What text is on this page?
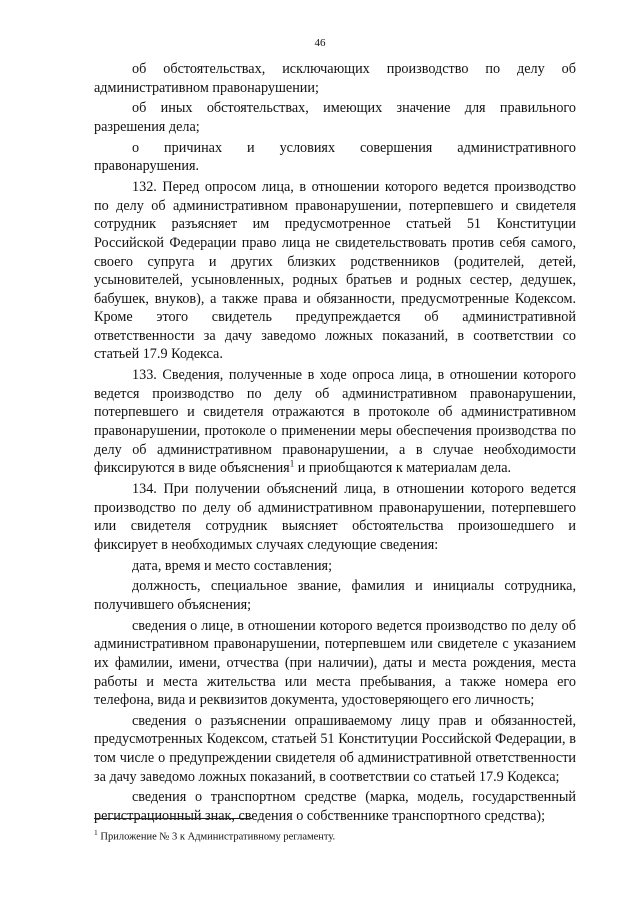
46

об обстоятельствах, исключающих производство по делу об административном правонарушении;

об иных обстоятельствах, имеющих значение для правильного разрешения дела;

о причинах и условиях совершения административного правонарушения.

132. Перед опросом лица, в отношении которого ведется производство по делу об административном правонарушении, потерпевшего и свидетеля сотрудник разъясняет им предусмотренное статьей 51 Конституции Российской Федерации право лица не свидетельствовать против себя самого, своего супруга и других близких родственников (родителей, детей, усыновителей, усыновленных, родных братьев и родных сестер, дедушек, бабушек, внуков), а также права и обязанности, предусмотренные Кодексом. Кроме этого свидетель предупреждается об административной ответственности за дачу заведомо ложных показаний, в соответствии со статьей 17.9 Кодекса.

133. Сведения, полученные в ходе опроса лица, в отношении которого ведется производство по делу об административном правонарушении, потерпевшего и свидетеля отражаются в протоколе об административном правонарушении, протоколе о применении меры обеспечения производства по делу об административном правонарушении, а в случае необходимости фиксируются в виде объяснения$^1$ и приобщаются к материалам дела.

134. При получении объяснений лица, в отношении которого ведется производство по делу об административном правонарушении, потерпевшего или свидетеля сотрудник выясняет обстоятельства произошедшего и фиксирует в необходимых случаях следующие сведения:

дата, время и место составления;

должность, специальное звание, фамилия и инициалы сотрудника, получившего объяснения;

сведения о лице, в отношении которого ведется производство по делу об административном правонарушении, потерпевшем или свидетеле с указанием их фамилии, имени, отчества (при наличии), даты и места рождения, места работы и места жительства или места пребывания, а также номера его телефона, вида и реквизитов документа, удостоверяющего его личность;

сведения о разъяснении опрашиваемому лицу прав и обязанностей, предусмотренных Кодексом, статьей 51 Конституции Российской Федерации, в том числе о предупреждении свидетеля об административной ответственности за дачу заведомо ложных показаний, в соответствии со статьей 17.9 Кодекса;

сведения о транспортном средстве (марка, модель, государственный регистрационный знак, сведения о собственнике транспортного средства);

$^1$ Приложение № 3 к Административному регламенту.
